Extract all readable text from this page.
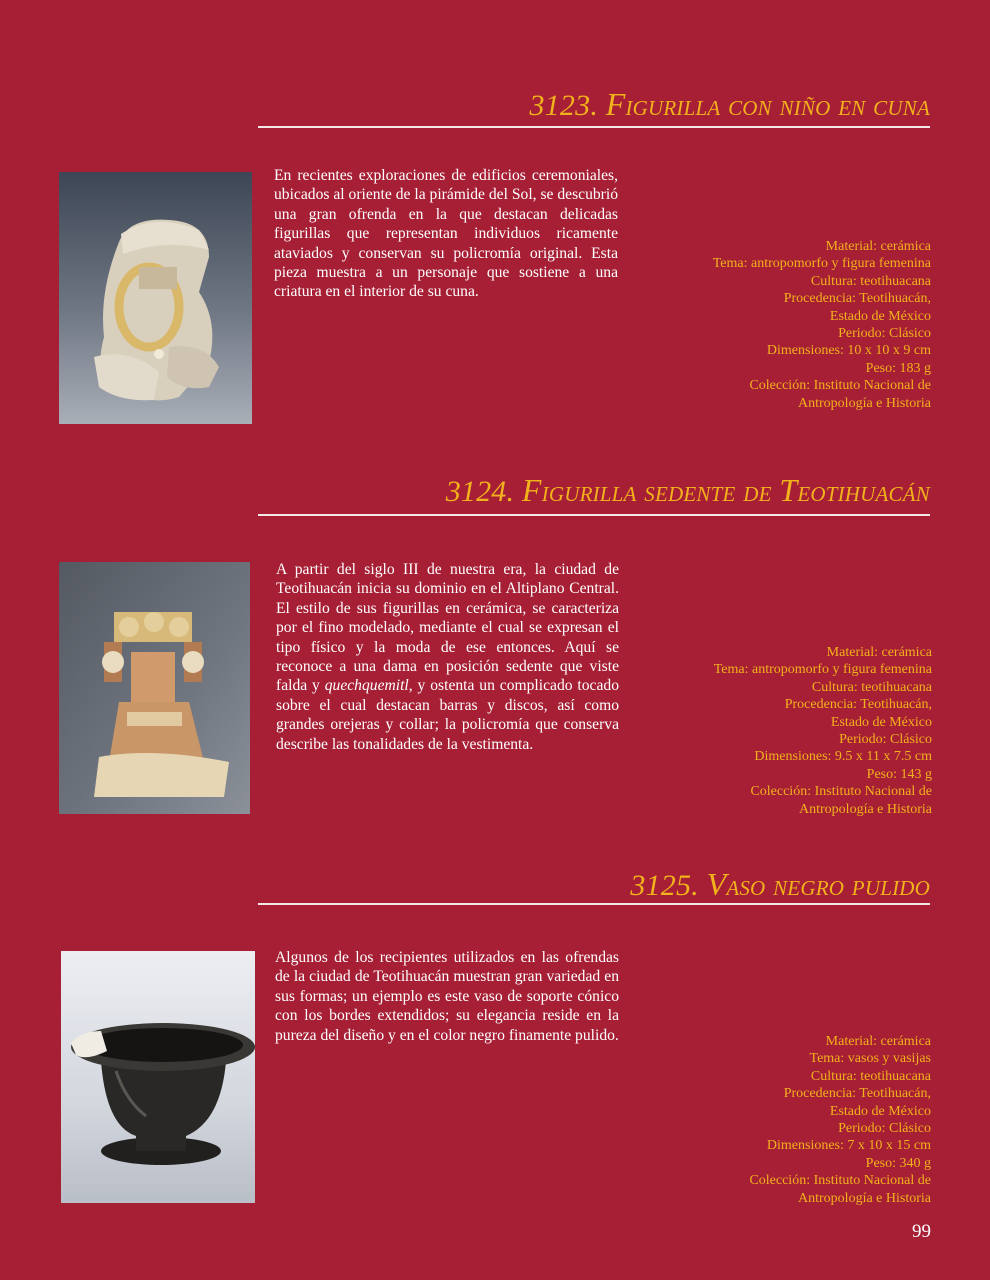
3123. Figurilla con niño en cuna
En recientes exploraciones de edificios ceremoniales, ubicados al oriente de la pirámide del Sol, se descubrió una gran ofrenda en la que destacan delicadas figurillas que representan individuos ricamente ataviados y conservan su policromía original. Esta pieza muestra a un personaje que sostiene a una criatura en el interior de su cuna.
Material: cerámica
Tema: antropomorfo y figura femenina
Cultura: teotihuacana
Procedencia: Teotihuacán,
Estado de México
Periodo: Clásico
Dimensiones: 10 x 10 x 9 cm
Peso: 183 g
Colección: Instituto Nacional de
Antropología e Historia
3124. Figurilla sedente de Teotihuacán
A partir del siglo III de nuestra era, la ciudad de Teotihuacán inicia su dominio en el Altiplano Central. El estilo de sus figurillas en cerámica, se caracteriza por el fino modelado, mediante el cual se expresan el tipo físico y la moda de ese entonces. Aquí se reconoce a una dama en posición sedente que viste falda y quechquemitl, y ostenta un complicado tocado sobre el cual destacan barras y discos, así como grandes orejeras y collar; la policromía que conserva describe las tonalidades de la vestimenta.
Material: cerámica
Tema: antropomorfo y figura femenina
Cultura: teotihuacana
Procedencia: Teotihuacán,
Estado de México
Periodo: Clásico
Dimensiones: 9.5 x 11 x 7.5 cm
Peso: 143 g
Colección: Instituto Nacional de
Antropología e Historia
3125. Vaso negro pulido
Algunos de los recipientes utilizados en las ofrendas de la ciudad de Teotihuacán muestran gran variedad en sus formas; un ejemplo es este vaso de soporte cónico con los bordes extendidos; su elegancia reside en la pureza del diseño y en el color negro finamente pulido.	Material: cerámica
Tema: vasos y vasijas
Cultura: teotihuacana
Procedencia: Teotihuacán,
Estado de México
Periodo: Clásico
Dimensiones: 7 x 10 x 15 cm
Peso: 340 g
Colección: Instituto Nacional de
Antropología e Historia
99
